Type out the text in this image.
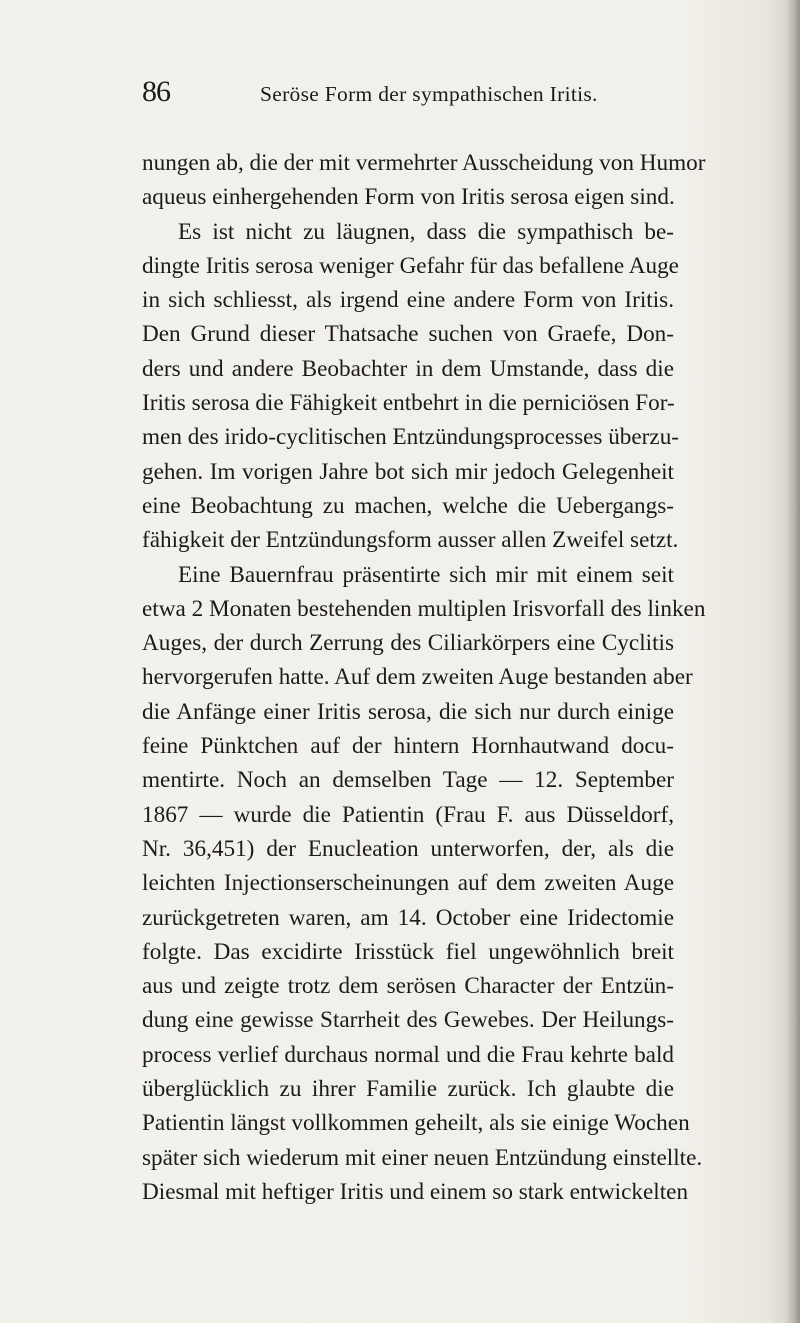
86	Seröse Form der sympathischen Iritis.
nungen ab, die der mit vermehrter Ausscheidung von Humor
aqueus einhergehenden Form von Iritis serosa eigen sind.
Es ist nicht zu läugnen, dass die sympathisch be-
dingte Iritis serosa weniger Gefahr für das befallene Auge
in sich schliesst, als irgend eine andere Form von Iritis.
Den Grund dieser Thatsache suchen von Graefe, Don-
ders und andere Beobachter in dem Umstande, dass die
Iritis serosa die Fähigkeit entbehrt in die perniciösen For-
men des irido-cyclitischen Entzündungsprocesses überzu-
gehen. Im vorigen Jahre bot sich mir jedoch Gelegenheit
eine Beobachtung zu machen, welche die Uebergangs-
fähigkeit der Entzündungsform ausser allen Zweifel setzt.
Eine Bauernfrau präsentirte sich mir mit einem seit
etwa 2 Monaten bestehenden multiplen Irisvorfall des linken
Auges, der durch Zerrung des Ciliarkörpers eine Cyclitis
hervorgerufen hatte. Auf dem zweiten Auge bestanden aber
die Anfänge einer Iritis serosa, die sich nur durch einige
feine Pünktchen auf der hintern Hornhautwand docu-
mentirte. Noch an demselben Tage — 12. September
1867 — wurde die Patientin (Frau F. aus Düsseldorf,
Nr. 36,451) der Enucleation unterworfen, der, als die
leichten Injectionserscheinungen auf dem zweiten Auge
zurückgetreten waren, am 14. October eine Iridectomie
folgte. Das excidirte Irisstück fiel ungewöhnlich breit
aus und zeigte trotz dem serösen Character der Entzün-
dung eine gewisse Starrheit des Gewebes. Der Heilungs-
process verlief durchaus normal und die Frau kehrte bald
überglücklich zu ihrer Familie zurück. Ich glaubte die
Patientin längst vollkommen geheilt, als sie einige Wochen
später sich wiederum mit einer neuen Entzündung einstellte.
Diesmal mit heftiger Iritis und einem so stark entwickelten
